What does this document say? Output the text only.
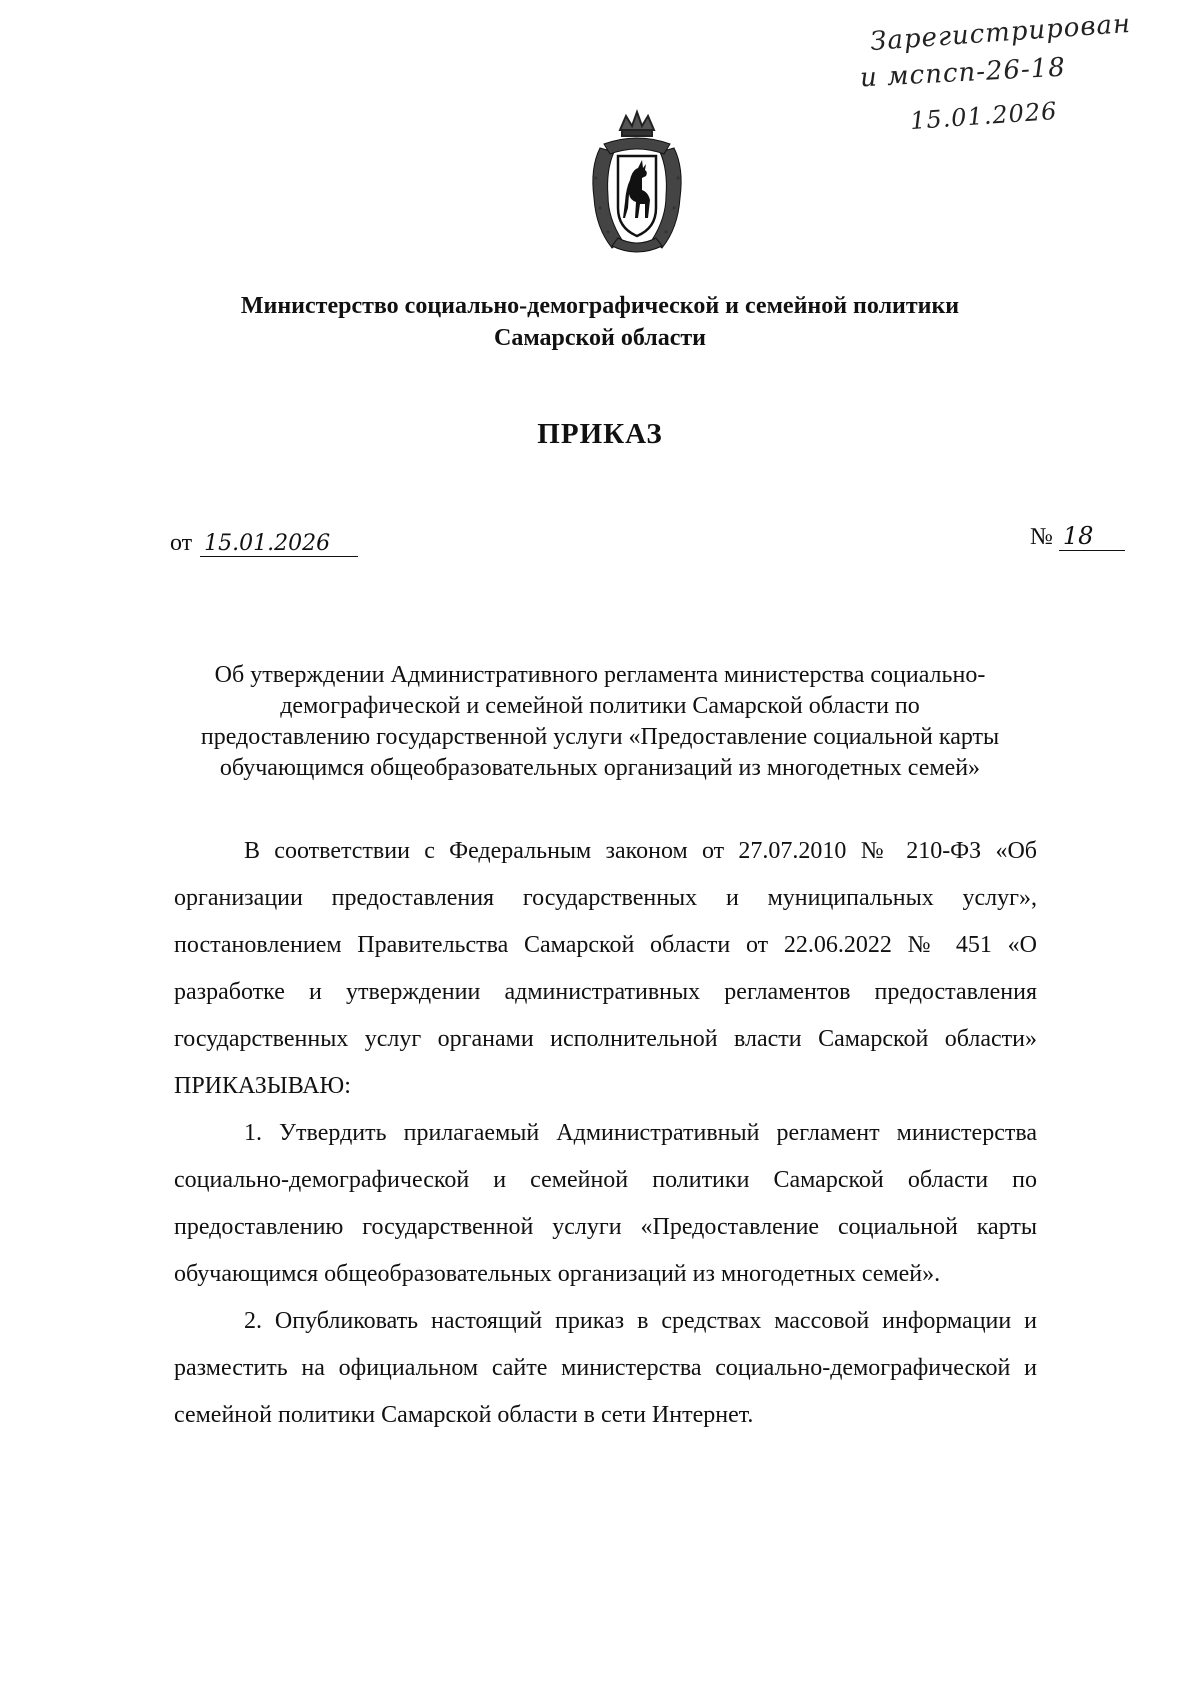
Зарегистрирован
и мспсп-26-18
15.01.2026
Министерство социально-демографической и семейной политики
Самарской области
ПРИКАЗ
от 15.01.2026	№ 18
Об утверждении Административного регламента министерства социально-
демографической и семейной политики Самарской области по
предоставлению государственной услуги «Предоставление социальной карты
обучающимся общеобразовательных организаций из многодетных семей»

В соответствии с Федеральным законом от 27.07.2010 № 210-ФЗ «Об организации предоставления государственных и муниципальных услуг», постановлением Правительства Самарской области от 22.06.2022 № 451 «О разработке и утверждении административных регламентов предоставления государственных услуг органами исполнительной власти Самарской области» ПРИКАЗЫВАЮ:

1. Утвердить прилагаемый Административный регламент министерства социально-демографической и семейной политики Самарской области по предоставлению государственной услуги «Предоставление социальной карты обучающимся общеобразовательных организаций из многодетных семей».

2. Опубликовать настоящий приказ в средствах массовой информации и разместить на официальном сайте министерства социально-демографической и семейной политики Самарской области в сети Интернет.
